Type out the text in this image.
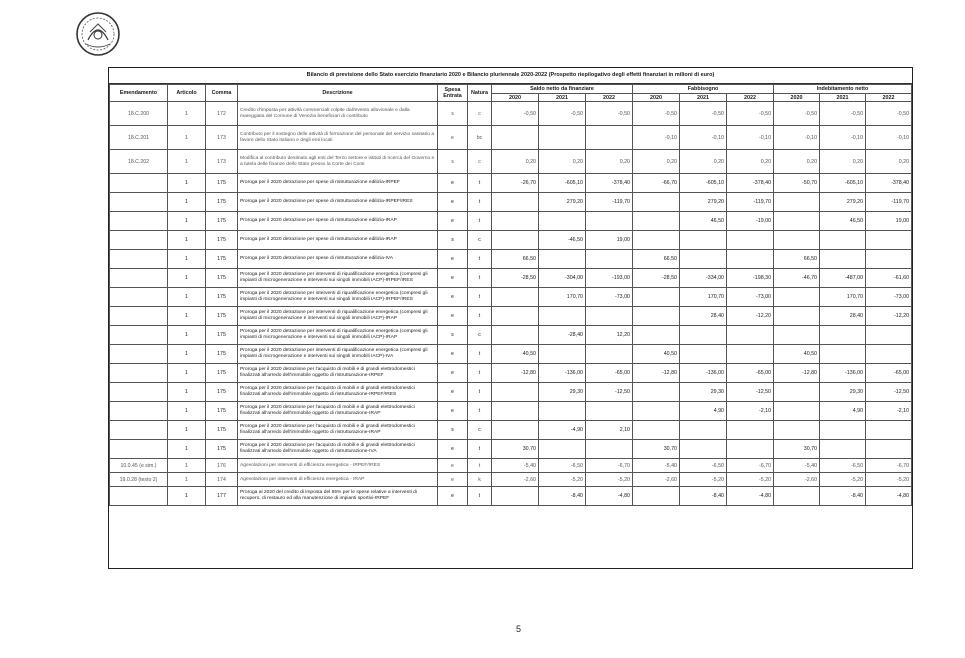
Bilancio di previsione dello Stato esercizio finanziario 2020 e Bilancio pluriennale 2020-2022 (Prospetto riepilogativo degli effetti finanziari in milioni di euro)
Emendamento	Articolo	Comma	Descrizione	Spesa Entrata	Natura	Saldo netto da finanziare			Fabbisogno			Indebitamento netto		
						2020	2021	2022	2020	2021	2022	2020	2021	2022
18.C.200	1	172	Credito d'imposta per attività commerciali colpite dall'evento alluvionale e dalla mareggiata del Comune di Venezia beneficiari di contributo	s	c	-0,50	-0,50	-0,50	-0,50	-0,50	-0,50	-0,50	-0,50	-0,50
18.C.201	1	173	Contributo per il sostegno delle attività di formazione del personale del servizio sanitario a favore dello Stato italiano e degli enti locali	e	bc				-0,10	-0,10	-0,10	-0,10	-0,10	-0,10
18.C.202	1	173	Modifica al contributo destinato agli enti del Terzo settore e istituti di ricerca del Governo e a tutela delle finanze dello Stato presso la Corte dei Conti	s	c	0,20	0,20	0,20	0,20	0,20	0,20	0,20	0,20	0,20
	1	175	Proroga per il 2020 detrazione per spese di ristrutturazione edilizia-IRPEF	e	t	-26,70	-605,10	-378,40	-66,70	-605,10	-378,40	-50,70	-605,10	-378,40
	1	175	Proroga per il 2020 detrazione per spese di ristrutturazione edilizia-IRPEF/IRES	e	t		279,20	-119,70		279,20	-119,70		279,20	-119,70
	1	175	Proroga per il 2020 detrazione per spese di ristrutturazione edilizia-IRAP	e	t					46,50	-19,00		46,50	19,00
	1	175	Proroga per il 2020 detrazione per spese di ristrutturazione edilizia-IRAP	s	c		-46,50	19,00						
	1	175	Proroga per il 2020 detrazione per spese di ristrutturazione edilizia-IVA	e	t	66,50			66,50			66,50		
	1	175	Proroga per il 2020 detrazione per interventi di riqualificazione energetica (compresi gli impianti di microgenerazione e interventi sui singoli immobili IACP)-IRPEF/IRES	e	t	-28,50	-304,00	-193,00	-28,50	-334,00	-198,30	-46,70	-487,00	-61,60
	1	175	Proroga per il 2020 detrazione per interventi di riqualificazione energetica (compresi gli impianti di microgenerazione e interventi sui singoli immobili IACP)-IRPEF/IRES	e	t		170,70	-73,00		170,70	-73,00		170,70	-73,00
	1	175	Proroga per il 2020 detrazione per interventi di riqualificazione energetica (compresi gli impianti di microgenerazione e interventi sui singoli immobili IACP)-IRAP	e	t					28,40	-12,20		28,40	-12,20
	1	175	Proroga per il 2020 detrazione per interventi di riqualificazione energetica (compresi gli impianti di microgenerazione e interventi sui singoli immobili IACP)-IRAP	s	c		-28,40	12,20						
	1	175	Proroga per il 2020 detrazione per interventi di riqualificazione energetica (compresi gli impianti di microgenerazione e interventi sui singoli immobili IACP)-IVA	e	t	40,50			40,50			40,50		
	1	175	Proroga per il 2020 detrazione per l'acquisto di mobili e di grandi elettrodomestici finalizzati all'arredo dell'immobile oggetto di ristrutturazione-IRPEF	e	t	-12,80	-136,00	-65,00	-12,80	-136,00	-65,00	-12,80	-136,00	-65,00
	1	175	Proroga per il 2020 detrazione per l'acquisto di mobili e di grandi elettrodomestici finalizzati all'arredo dell'immobile oggetto di ristrutturazione-IRPEF/IRES	e	t		29,30	-12,50		29,30	-12,50		29,30	-12,50
	1	175	Proroga per il 2020 detrazione per l'acquisto di mobili e di grandi elettrodomestici finalizzati all'arredo dell'immobile oggetto di ristrutturazione-IRAP	e	t					4,90	-2,10		4,90	-2,10
	1	175	Proroga per il 2020 detrazione per l'acquisto di mobili e di grandi elettrodomestici finalizzati all'arredo dell'immobile oggetto di ristrutturazione-IRAP	s	c		-4,90	2,10						
	1	175	Proroga per il 2020 detrazione per l'acquisto di mobili e di grandi elettrodomestici finalizzati all'arredo dell'immobile oggetto di ristrutturazione-IVA	e	t	30,70			30,70			30,70		
10.0.45 (e sim.)	1	176	Agevolazioni per interventi di efficienza energetica - IRPEF/IRES	e	t	-5,40	-6,50	-6,70	-5,40	-6,50	-6,70	-5,40	-6,50	-6,70
19.0.28 (testo 2)	1	174	Agevolazioni per interventi di efficienza energetica - IRAP	e	k	-2,60	-5,20	-5,20	-2,60	-5,20	-5,20	-2,60	-5,20	-5,20
	1	177	Proroga al 2020 del credito di imposta del 65% per le spese relative a interventi di recupero, di restauro ed alla manutenzione di impianti sportivi-IRPEF	e	t		-8,40	-4,80		-8,40	-4,80		-8,40	-4,80
5
